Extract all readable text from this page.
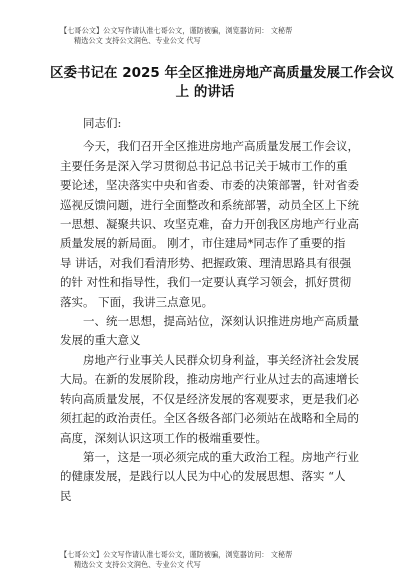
【七哥公文】公文写作请认准七哥公文，谨防被骗，浏览器访问： 文秘帮
精选公文 支持公文润色、专业公文 代写
区委书记在 2025 年全区推进房地产高质量发展工作会议
上 的讲话

同志们:

今天，我们召开全区推进房地产高质量发展工作会议，
主要任务是深入学习贯彻总书记总书记关于城市工作的重
要论述，坚决落实中央和省委、市委的决策部署，针对省委
巡视反馈问题，进行全面整改和系统部署，动员全区上下统
一思想、凝聚共识、攻坚克难，奋力开创我区房地产行业高
质量发展的新局面。 刚才，市住建局*同志作了重要的指
导 讲话，对我们看清形势、把握政策、理清思路具有很强
的针 对性和指导性，我们一定要认真学习领会，抓好贯彻
落实。 下面，我讲三点意见。

一、统一思想，提高站位，深刻认识推进房地产高质量
发展的重大意义

房地产行业事关人民群众切身利益，事关经济社会发展
大局。在新的发展阶段，推动房地产行业从过去的高速增长
转向高质量发展，不仅是经济发展的客观要求，更是我们必
须扛起的政治责任。全区各级各部门必须站在战略和全局的
高度，深刻认识这项工作的极端重要性。

第一，这是一项必须完成的重大政治工程。房地产行业
的健康发展，是践行以人民为中心的发展思想、落实 “人
民

【七哥公文】公文写作请认准七哥公文，谨防被骗，浏览器访问： 文秘帮
精选公文 支持公文润色、专业公文 代写
